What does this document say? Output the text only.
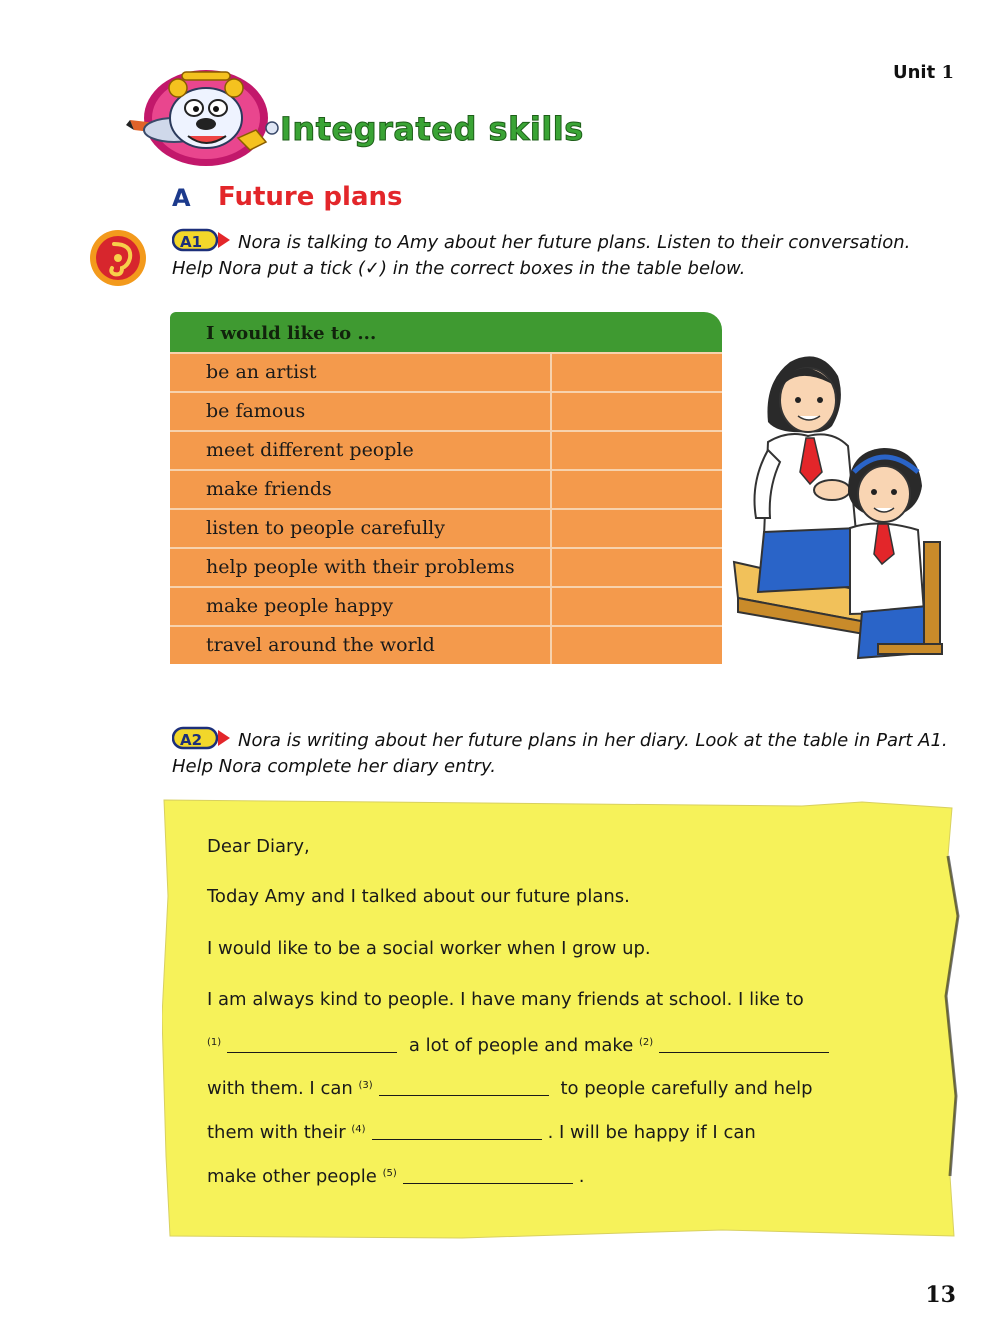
Unit 1
Integrated skills
A Future plans
A1 Nora is talking to Amy about her future plans. Listen to their conversation. Help Nora put a tick (✓) in the correct boxes in the table below.
I would like to ...
be an artist
be famous
meet different people
make friends
listen to people carefully
help people with their problems
make people happy
travel around the world
A2 Nora is writing about her future plans in her diary. Look at the table in Part A1. Help Nora complete her diary entry.
Dear Diary,
Today Amy and I talked about our future plans.
I would like to be a social worker when I grow up.
I am always kind to people. I have many friends at school. I like to
$^{(1)}$	a lot of people and make $^{(2)}$
with them. I can $^{(3)}$	to people carefully and help
them with their $^{(4)}$	. I will be happy if I can
make other people $^{(5)}$	.
13
